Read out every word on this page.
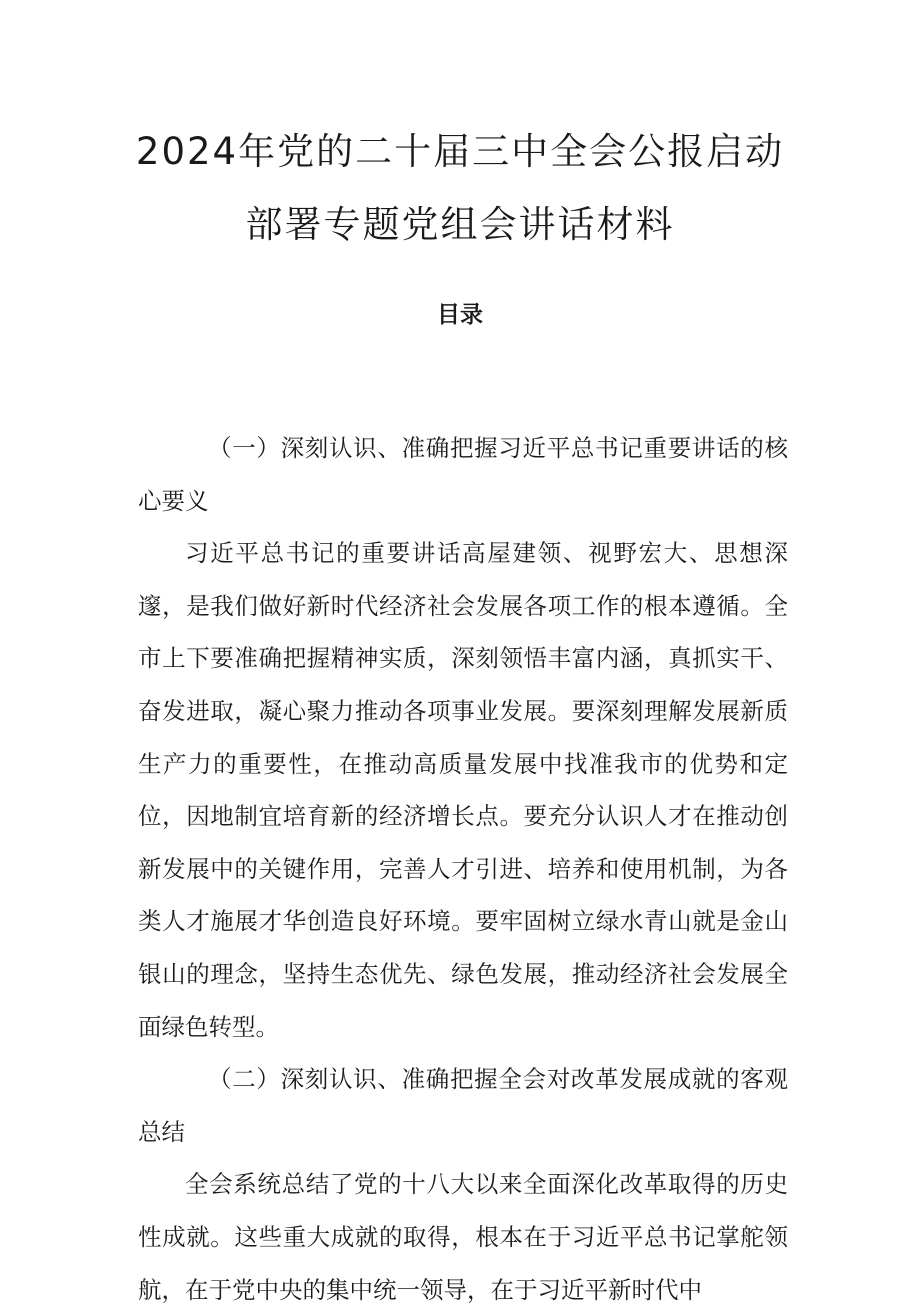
2024年党的二十届三中全会公报启动
部署专题党组会讲话材料
目录

（一）深刻认识、准确把握习近平总书记重要讲话的核心要义

习近平总书记的重要讲话高屋建领、视野宏大、思想深邃，是我们做好新时代经济社会发展各项工作的根本遵循。全市上下要准确把握精神实质，深刻领悟丰富内涵，真抓实干、奋发进取，凝心聚力推动各项事业发展。要深刻理解发展新质生产力的重要性，在推动高质量发展中找准我市的优势和定位，因地制宜培育新的经济增长点。要充分认识人才在推动创新发展中的关键作用，完善人才引进、培养和使用机制，为各类人才施展才华创造良好环境。要牢固树立绿水青山就是金山银山的理念，坚持生态优先、绿色发展，推动经济社会发展全面绿色转型。

（二）深刻认识、准确把握全会对改革发展成就的客观总结

全会系统总结了党的十八大以来全面深化改革取得的历史性成就。这些重大成就的取得，根本在于习近平总书记掌舵领航，在于党中央的集中统一领导，在于习近平新时代中
